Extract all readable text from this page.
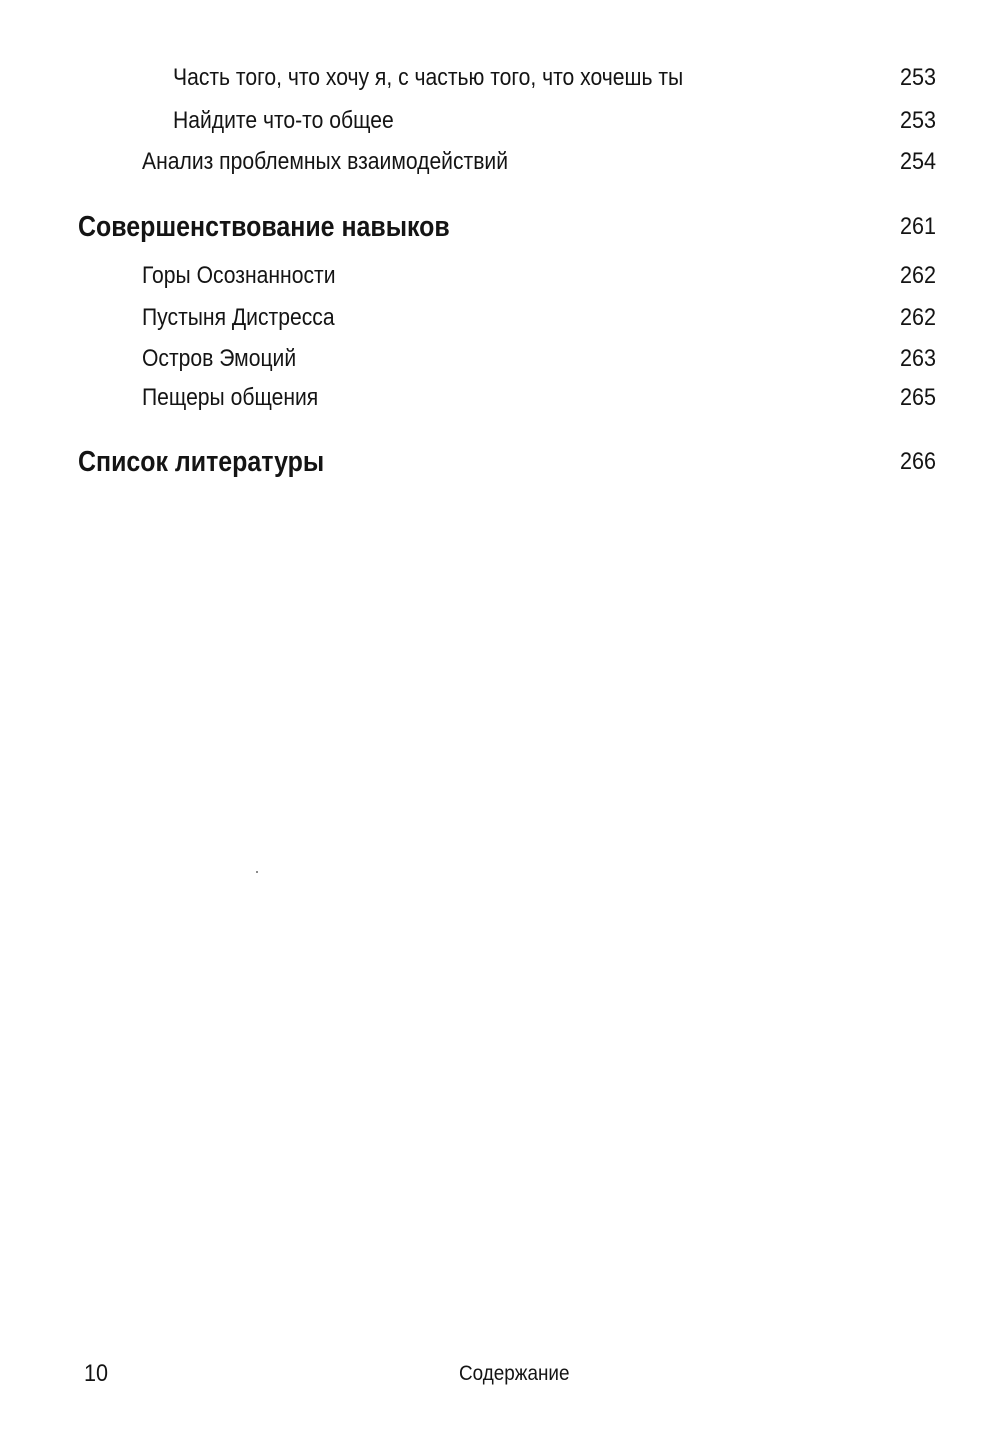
Часть того, что хочу я, с частью того, что хочешь ты	253
Найдите что-то общее	253
Анализ проблемных взаимодействий	254
Совершенствование навыков	261
Горы Осознанности	262
Пустыня Дистресса	262
Остров Эмоций	263
Пещеры общения	265
Список литературы	266
10	Содержание
